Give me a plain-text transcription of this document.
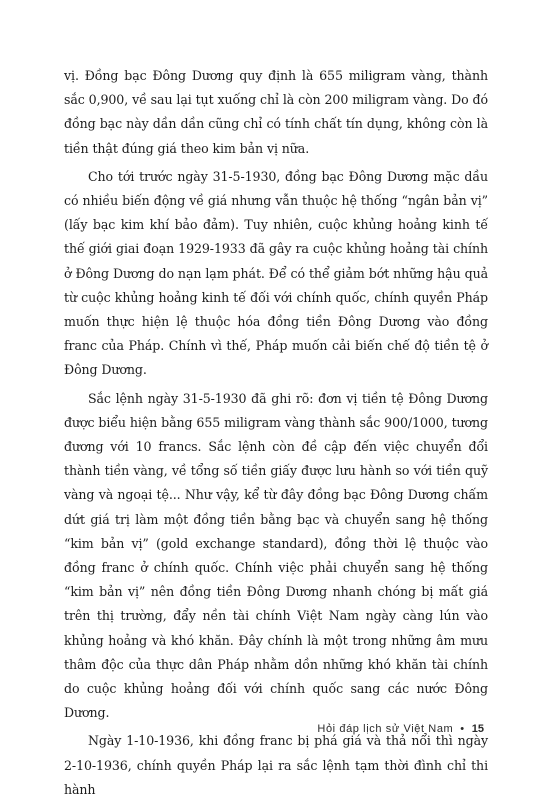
vị. Đồng bạc Đông Dương quy định là 655 miligram vàng, thành sắc 0,900, về sau lại tụt xuống chỉ là còn 200 miligram vàng. Do đó đồng bạc này dần dần cũng chỉ có tính chất tín dụng, không còn là tiền thật đúng giá theo kim bản vị nữa.

Cho tới trước ngày 31-5-1930, đồng bạc Đông Dương mặc dầu có nhiều biến động về giá nhưng vẫn thuộc hệ thống “ngân bản vị” (lấy bạc kim khí bảo đảm). Tuy nhiên, cuộc khủng hoảng kinh tế thế giới giai đoạn 1929-1933 đã gây ra cuộc khủng hoảng tài chính ở Đông Dương do nạn lạm phát. Để có thể giảm bớt những hậu quả từ cuộc khủng hoảng kinh tế đối với chính quốc, chính quyền Pháp muốn thực hiện lệ thuộc hóa đồng tiền Đông Dương vào đồng franc của Pháp. Chính vì thế, Pháp muốn cải biến chế độ tiền tệ ở Đông Dương.

Sắc lệnh ngày 31-5-1930 đã ghi rõ: đơn vị tiền tệ Đông Dương được biểu hiện bằng 655 miligram vàng thành sắc 900/1000, tương đương với 10 francs. Sắc lệnh còn đề cập đến việc chuyển đổi thành tiền vàng, về tổng số tiền giấy được lưu hành so với tiền quỹ vàng và ngoại tệ... Như vậy, kể từ đây đồng bạc Đông Dương chấm dứt giá trị làm một đồng tiền bằng bạc và chuyển sang hệ thống “kim bản vị” (gold exchange standard), đồng thời lệ thuộc vào đồng franc ở chính quốc. Chính việc phải chuyển sang hệ thống “kim bản vị” nên đồng tiền Đông Dương nhanh chóng bị mất giá trên thị trường, đẩy nền tài chính Việt Nam ngày càng lún vào khủng hoảng và khó khăn. Đây chính là một trong những âm mưu thâm độc của thực dân Pháp nhằm dồn những khó khăn tài chính do cuộc khủng hoảng đối với chính quốc sang các nước Đông Dương.

Ngày 1-10-1936, khi đồng franc bị phá giá và thả nổi thì ngày 2-10-1936, chính quyền Pháp lại ra sắc lệnh tạm thời đình chỉ thi hành

Hỏi đáp lịch sử Việt Nam • 15
